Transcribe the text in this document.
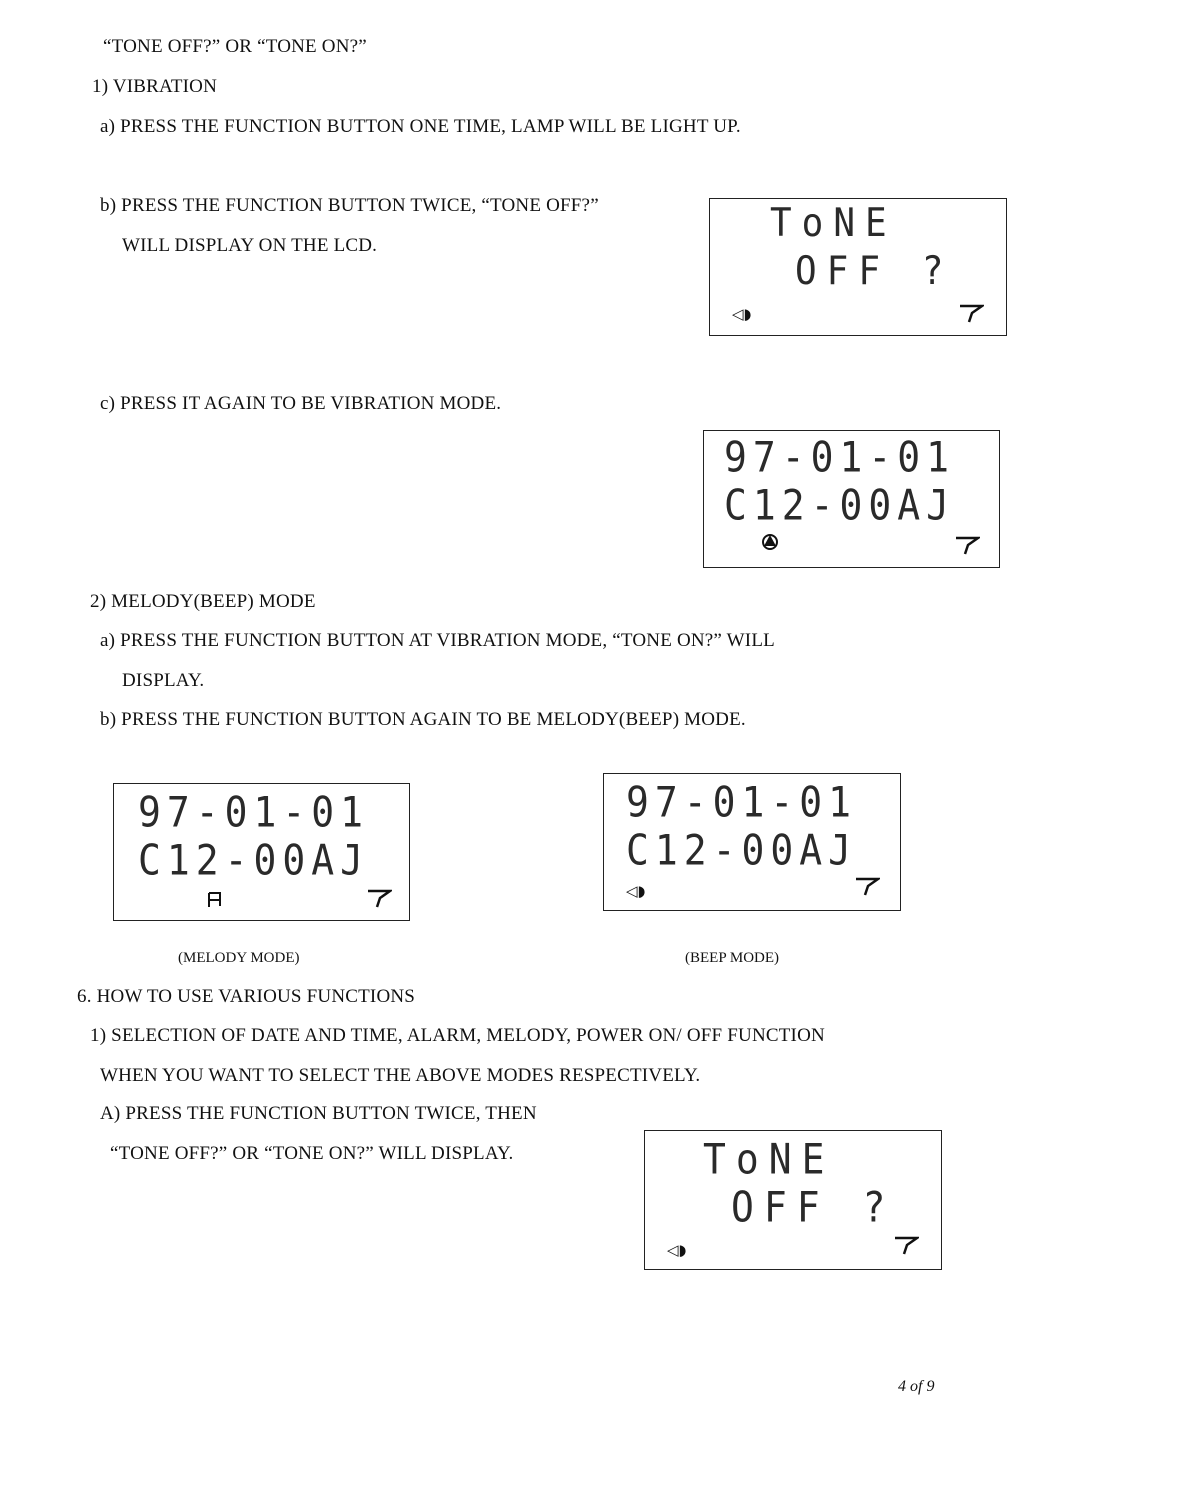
“TONE OFF?” OR “TONE ON?”
1) VIBRATION
a) PRESS THE FUNCTION BUTTON ONE TIME, LAMP WILL BE LIGHT UP.
b) PRESS THE FUNCTION BUTTON TWICE, “TONE OFF?”
WILL DISPLAY ON THE LCD.
c) PRESS IT AGAIN TO BE VIBRATION MODE.
2) MELODY(BEEP) MODE
a) PRESS THE FUNCTION BUTTON AT VIBRATION MODE, “TONE ON?” WILL
DISPLAY.
b) PRESS THE FUNCTION BUTTON AGAIN TO BE MELODY(BEEP) MODE.
(MELODY MODE)	(BEEP MODE)
6. HOW TO USE VARIOUS FUNCTIONS
1) SELECTION OF DATE AND TIME, ALARM, MELODY, POWER ON/ OFF FUNCTION
WHEN YOU WANT TO SELECT THE ABOVE MODES RESPECTIVELY.
A) PRESS THE FUNCTION BUTTON TWICE, THEN
“TONE OFF?” OR “TONE ON?” WILL DISPLAY.
ToNE
OFF ?
◁◗
97-01-01
C12-00AJ
97-01-01
C12-00AJ
97-01-01
C12-00AJ
◁◗
ToNE
OFF ?
◁◗
4 of 9
